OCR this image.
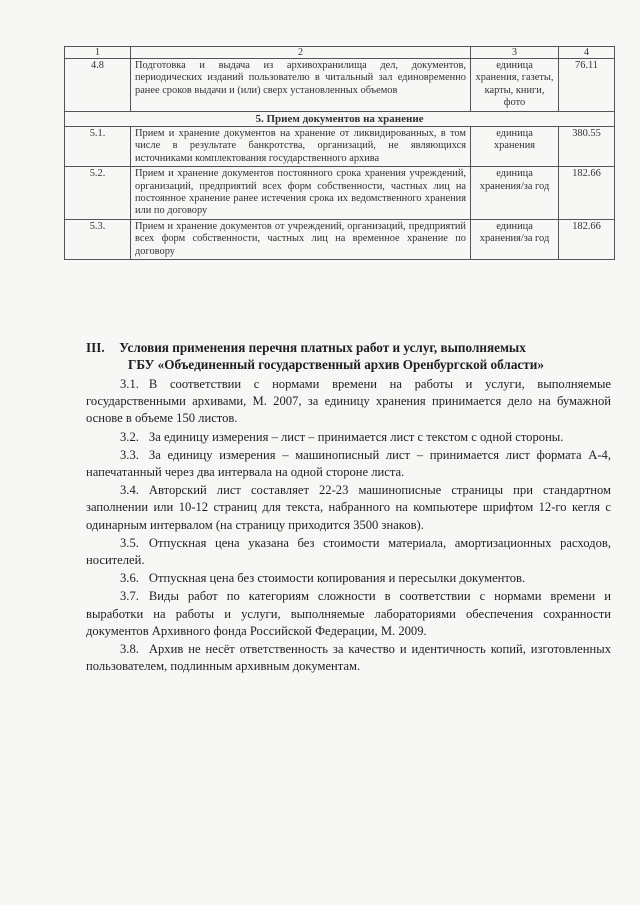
1	2	3	4
4.8	Подготовка и выдача из архивохранилища дел, документов, периодических изданий пользователю в читальный зал единовременно ранее сроков выдачи и (или) сверх установленных объемов	единица хранения, газеты, карты, книги, фото	76.11
5. Прием документов на хранение			
5.1.	Прием и хранение документов на хранение от ликвидированных, в том числе в результате банкротства, организаций, не являющихся источниками комплектования государственного архива	единица хранения	380.55
5.2.	Прием и хранение документов постоянного срока хранения учреждений, организаций, предприятий всех форм собственности, частных лиц на постоянное хранение ранее истечения срока их ведомственного хранения или по договору	единица хранения/за год	182.66
5.3.	Прием и хранение документов от учреждений, организаций, предприятий всех форм собственности, частных лиц на временное хранение по договору	единица хранения/за год	182.66
III. Условия применения перечня платных работ и услуг, выполняемых
ГБУ «Объединенный государственный архив Оренбургской области»

3.1. В соответствии с нормами времени на работы и услуги, выполняемые государственными архивами, М. 2007, за единицу хранения принимается дело на бумажной основе в объеме 150 листов.

3.2. За единицу измерения – лист – принимается лист с текстом с одной стороны.

3.3. За единицу измерения – машинописный лист – принимается лист формата А-4, напечатанный через два интервала на одной стороне листа.

3.4. Авторский лист составляет 22-23 машинописные страницы при стандартном заполнении или 10-12 страниц для текста, набранного на компьютере шрифтом 12-го кегля с одинарным интервалом (на страницу приходится 3500 знаков).

3.5. Отпускная цена указана без стоимости материала, амортизационных расходов, носителей.

3.6. Отпускная цена без стоимости копирования и пересылки документов.

3.7. Виды работ по категориям сложности в соответствии с нормами времени и выработки на работы и услуги, выполняемые лабораториями обеспечения сохранности документов Архивного фонда Российской Федерации, М. 2009.

3.8. Архив не несёт ответственность за качество и идентичность копий, изготовленных пользователем, подлинным архивным документам.
